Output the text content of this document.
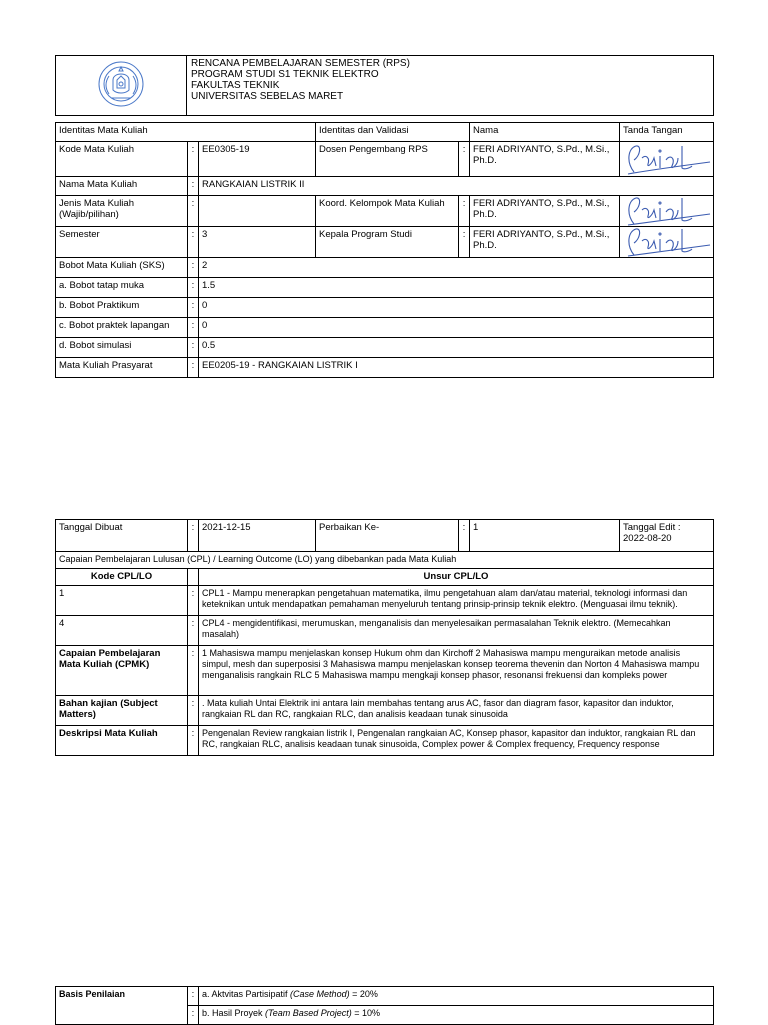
RENCANA PEMBELAJARAN SEMESTER (RPS)
PROGRAM STUDI S1 TEKNIK ELEKTRO
FAKULTAS TEKNIK
UNIVERSITAS SEBELAS MARET
Identitas Mata Kuliah			Identitas dan Validasi		Nama	Tanda Tangan
Kode Mata Kuliah	:	EE0305-19	Dosen Pengembang RPS	:	FERI ADRIYANTO, S.Pd., M.Si., Ph.D.	

Nama Mata Kuliah	:	RANGKAIAN LISTRIK II				
Jenis Mata Kuliah (Wajib/pilihan)	:		Koord. Kelompok Mata Kuliah	:	FERI ADRIYANTO, S.Pd., M.Si., Ph.D.	

Semester	:	3	Kepala Program Studi	:	FERI ADRIYANTO, S.Pd., M.Si., Ph.D.	

Bobot Mata Kuliah (SKS)	:	2				
a. Bobot tatap muka	:	1.5				
b. Bobot Praktikum	:	0				
c. Bobot praktek lapangan	:	0				
d. Bobot simulasi	:	0.5				
Mata Kuliah Prasyarat	:	EE0205-19 - RANGKAIAN LISTRIK I				
Tanggal Dibuat	:	2021-12-15	Perbaikan Ke-	:	1	Tanggal Edit :
2022-08-20

Capaian Pembelajaran Lulusan (CPL) / Learning Outcome (LO) yang dibebankan pada Mata Kuliah						
Kode CPL/LO		Unsur CPL/LO				
1	:	CPL1 - Mampu menerapkan pengetahuan matematika, ilmu pengetahuan alam dan/atau material, teknologi informasi dan keteknikan untuk mendapatkan pemahaman menyeluruh tentang prinsip-prinsip teknik elektro. (Menguasai ilmu teknik).				
4	:	CPL4 - mengidentifikasi, merumuskan, menganalisis dan menyelesaikan permasalahan Teknik elektro. (Memecahkan masalah)				
Capaian Pembelajaran Mata Kuliah (CPMK)	:	1 Mahasiswa mampu menjelaskan konsep Hukum ohm dan Kirchoff 2 Mahasiswa mampu menguraikan metode analisis simpul, mesh dan superposisi 3 Mahasiswa mampu menjelaskan konsep teorema thevenin dan Norton 4 Mahasiswa mampu menganalisis rangkain RLC 5 Mahasiswa mampu mengkaji konsep phasor, resonansi frekuensi dan kompleks power				
Bahan kajian (Subject Matters)	:	. Mata kuliah Untai Elektrik ini antara lain membahas tentang arus AC, fasor dan diagram fasor, kapasitor dan induktor, rangkaian RL dan RC, rangkaian RLC, dan analisis keadaan tunak sinusoida				
Deskripsi Mata Kuliah	:	Pengenalan Review rangkaian listrik I, Pengenalan rangkaian AC, Konsep phasor, kapasitor dan induktor, rangkaian RL dan RC, rangkaian RLC, analisis keadaan tunak sinusoida, Complex power & Complex frequency, Frequency response				
Basis Penilaian	:	a. Aktvitas Partisipatif (Case Method) = 20%
	:	b. Hasil Proyek (Team Based Project) = 10%
